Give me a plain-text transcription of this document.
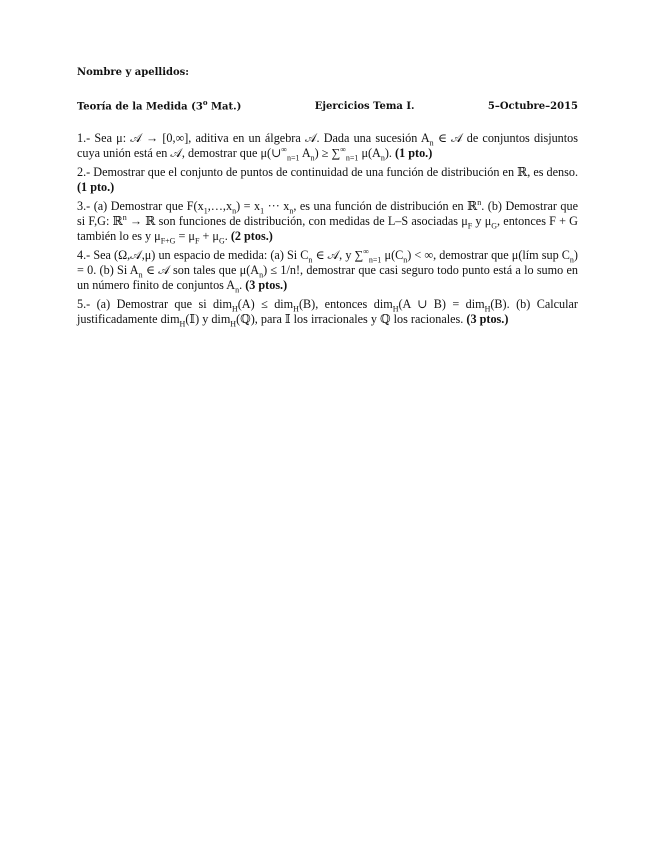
Nombre y apellidos:

Teoría de la Medida (3$^o$ Mat.)	Ejercicios Tema I.	5–Octubre–2015

1.- Sea μ: 𝒜 → [0,∞], aditiva en un álgebra 𝒜. Dada una sucesión $A_n$ ∈ 𝒜 de conjuntos disjuntos cuya unión está en 𝒜, demostrar que $\mu(\cup^\infty_{n=1}$ $A_n) \ge \sum^\infty_{n=1}$ $\mu(A_n)$. (1 pto.)

2.- Demostrar que el conjunto de puntos de continuidad de una función de distribución en ℝ, es denso. (1 pto.)

3.- (a) Demostrar que $F(x_1,\dots,x_n) = x_1$ ··· $x_n$, es una función de distribución en ℝ$^n$. (b) Demostrar que si F,G: ℝ$^n$ → ℝ son funciones de distribución, con medidas de L–S asociadas $\mu_F$ y $\mu_G$, entonces F + G también lo es y $\mu_{F+G} = \mu_F + \mu_G$. (2 ptos.)

4.- Sea (Ω,𝒜,μ) un espacio de medida: (a) Si $C_n$ ∈ 𝒜, y $\sum^\infty_{n=1}$ $\mu(C_n)$ < ∞, demostrar que μ(lím sup $C_n) = 0$. (b) Si $A_n$ ∈ 𝒜 son tales que $\mu(A_n) \le 1/n$!, demostrar que casi seguro todo punto está a lo sumo en un número finito de conjuntos $A_n$. (3 ptos.)

5.- (a) Demostrar que si dim$_H$(A) ≤ dim$_H$(B), entonces dim$_H$(A ∪ B) = dim$_H$(B). (b) Calcular justificadamente dim$_H$(𝕀) y dim$_H$(ℚ), para 𝕀 los irracionales y ℚ los racionales. (3 ptos.)
